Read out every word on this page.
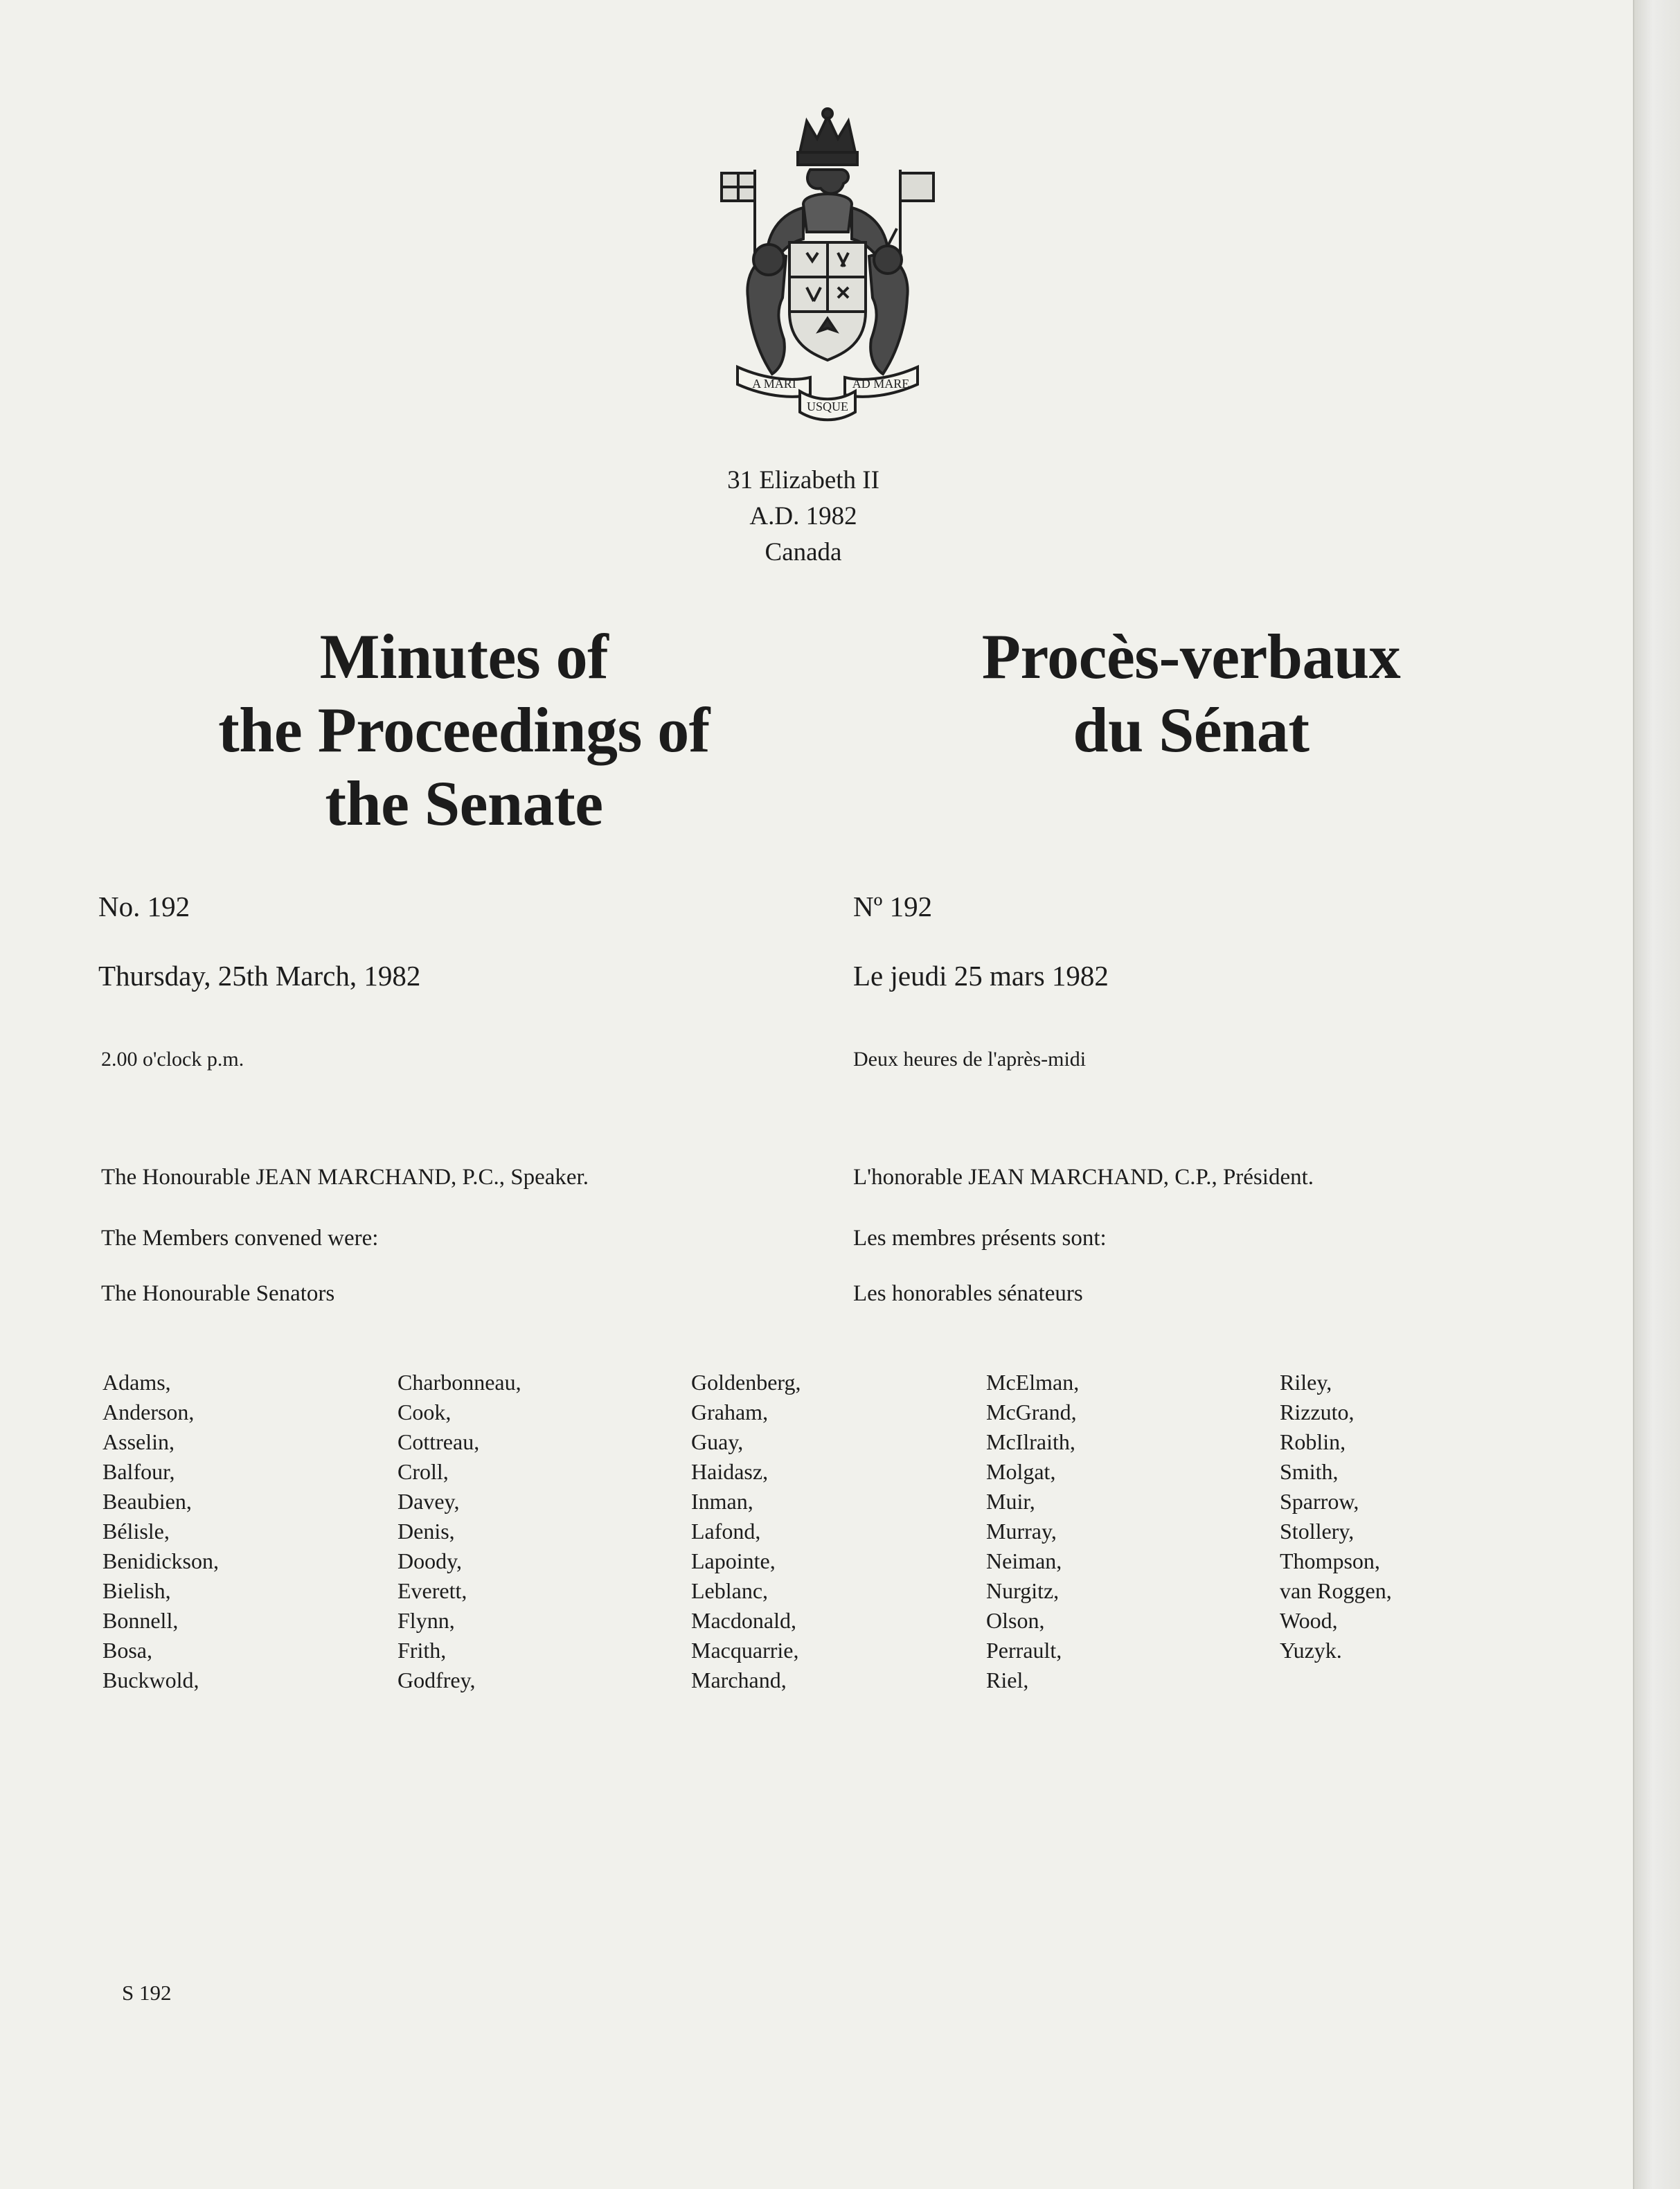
A MARI	AD MARE
USQUE
31 Elizabeth II
A.D. 1982
Canada
Minutes of
the Proceedings of
the Senate
Procès-verbaux
du Sénat
No. 192
Thursday, 25th March, 1982
2.00 o'clock p.m.
The Honourable JEAN MARCHAND, P.C., Speaker.
The Members convened were:
The Honourable Senators
Nº 192
Le jeudi 25 mars 1982
Deux heures de l'après-midi
L'honorable JEAN MARCHAND, C.P., Président.
Les membres présents sont:
Les honorables sénateurs
Adams,
Anderson,
Asselin,
Balfour,
Beaubien,
Bélisle,
Benidickson,
Bielish,
Bonnell,
Bosa,
Buckwold,
Charbonneau,
Cook,
Cottreau,
Croll,
Davey,
Denis,
Doody,
Everett,
Flynn,
Frith,
Godfrey,
Goldenberg,
Graham,
Guay,
Haidasz,
Inman,
Lafond,
Lapointe,
Leblanc,
Macdonald,
Macquarrie,
Marchand,
McElman,
McGrand,
McIlraith,
Molgat,
Muir,
Murray,
Neiman,
Nurgitz,
Olson,
Perrault,
Riel,
Riley,
Rizzuto,
Roblin,
Smith,
Sparrow,
Stollery,
Thompson,
van Roggen,
Wood,
Yuzyk.
S 192
